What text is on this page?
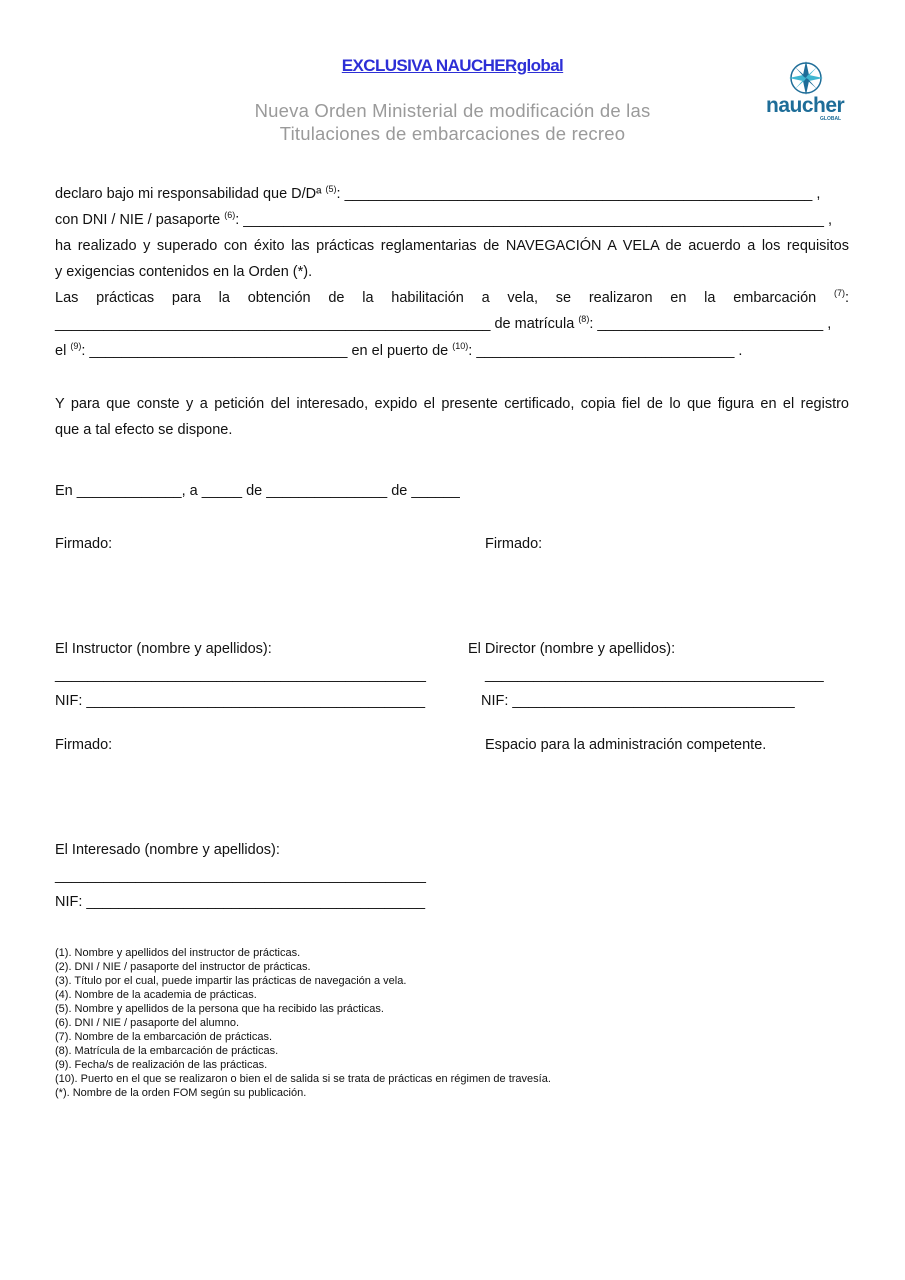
EXCLUSIVA NAUCHERglobal
Nueva Orden Ministerial de modificación de las
Titulaciones de embarcaciones de recreo
naucher
GLOBAL
declaro bajo mi responsabilidad que D/Dª $^{(5)}$: __________________________________________________________ ,
con DNI / NIE / pasaporte $^{(6)}$: ________________________________________________________________________ ,
ha realizado y superado con éxito las prácticas reglamentarias de NAVEGACIÓN A VELA de acuerdo a los requisitos
y exigencias contenidos en la Orden (*).
Las prácticas para la obtención de la habilitación a vela, se realizaron en la embarcación $^{(7)}$:
______________________________________________________ de matrícula $^{(8)}$: ____________________________ ,
el $^{(9)}$: ________________________________ en el puerto de $^{(10)}$: ________________________________ .
Y para que conste y a petición del interesado, expido el presente certificado, copia fiel de lo que figura en el registro
que a tal efecto se dispone.
En _____________, a _____ de _______________ de ______
Firmado:	Firmado:
El Instructor (nombre y apellidos):	El Director (nombre y apellidos):
______________________________________________	__________________________________________
NIF: __________________________________________	NIF: ___________________________________
Firmado:	Espacio para la administración competente.
El Interesado (nombre y apellidos):
______________________________________________
NIF: __________________________________________
(1). Nombre y apellidos del instructor de prácticas.
(2). DNI / NIE / pasaporte del instructor de prácticas.
(3). Título por el cual, puede impartir las prácticas de navegación a vela.
(4). Nombre de la academia de prácticas.
(5). Nombre y apellidos de la persona que ha recibido las prácticas.
(6). DNI / NIE / pasaporte del alumno.
(7). Nombre de la embarcación de prácticas.
(8). Matrícula de la embarcación de prácticas.
(9). Fecha/s de realización de las prácticas.
(10). Puerto en el que se realizaron o bien el de salida si se trata de prácticas en régimen de travesía.
(*). Nombre de la orden FOM según su publicación.
